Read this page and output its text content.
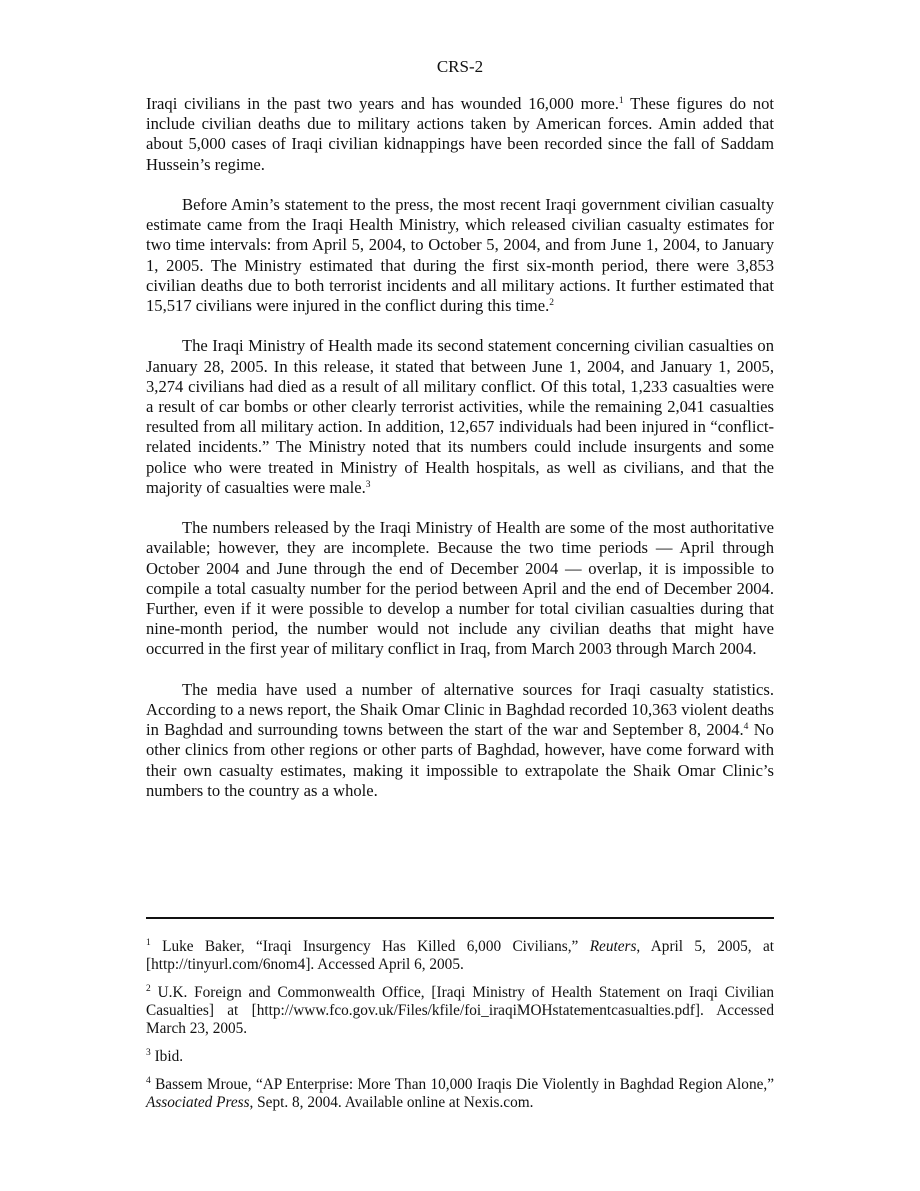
CRS-2

Iraqi civilians in the past two years and has wounded 16,000 more.$^1$ These figures do not include civilian deaths due to military actions taken by American forces. Amin added that about 5,000 cases of Iraqi civilian kidnappings have been recorded since the fall of Saddam Hussein’s regime.

Before Amin’s statement to the press, the most recent Iraqi government civilian casualty estimate came from the Iraqi Health Ministry, which released civilian casualty estimates for two time intervals: from April 5, 2004, to October 5, 2004, and from June 1, 2004, to January 1, 2005. The Ministry estimated that during the first six-month period, there were 3,853 civilian deaths due to both terrorist incidents and all military actions. It further estimated that 15,517 civilians were injured in the conflict during this time.$^2$

The Iraqi Ministry of Health made its second statement concerning civilian casualties on January 28, 2005. In this release, it stated that between June 1, 2004, and January 1, 2005, 3,274 civilians had died as a result of all military conflict. Of this total, 1,233 casualties were a result of car bombs or other clearly terrorist activities, while the remaining 2,041 casualties resulted from all military action. In addition, 12,657 individuals had been injured in “conflict-related incidents.” The Ministry noted that its numbers could include insurgents and some police who were treated in Ministry of Health hospitals, as well as civilians, and that the majority of casualties were male.$^3$

The numbers released by the Iraqi Ministry of Health are some of the most authoritative available; however, they are incomplete. Because the two time periods — April through October 2004 and June through the end of December 2004 — overlap, it is impossible to compile a total casualty number for the period between April and the end of December 2004. Further, even if it were possible to develop a number for total civilian casualties during that nine-month period, the number would not include any civilian deaths that might have occurred in the first year of military conflict in Iraq, from March 2003 through March 2004.

The media have used a number of alternative sources for Iraqi casualty statistics. According to a news report, the Shaik Omar Clinic in Baghdad recorded 10,363 violent deaths in Baghdad and surrounding towns between the start of the war and September 8, 2004.$^4$ No other clinics from other regions or other parts of Baghdad, however, have come forward with their own casualty estimates, making it impossible to extrapolate the Shaik Omar Clinic’s numbers to the country as a whole.

$^1$ Luke Baker, “Iraqi Insurgency Has Killed 6,000 Civilians,” Reuters, April 5, 2005, at [http://tinyurl.com/6nom4]. Accessed April 6, 2005.
$^2$ U.K. Foreign and Commonwealth Office, [Iraqi Ministry of Health Statement on Iraqi Civilian Casualties] at [http://www.fco.gov.uk/Files/kfile/foi_iraqiMOHstatementcasualties.pdf]. Accessed March 23, 2005.
$^3$ Ibid.
$^4$ Bassem Mroue, “AP Enterprise: More Than 10,000 Iraqis Die Violently in Baghdad Region Alone,” Associated Press, Sept. 8, 2004. Available online at Nexis.com.
